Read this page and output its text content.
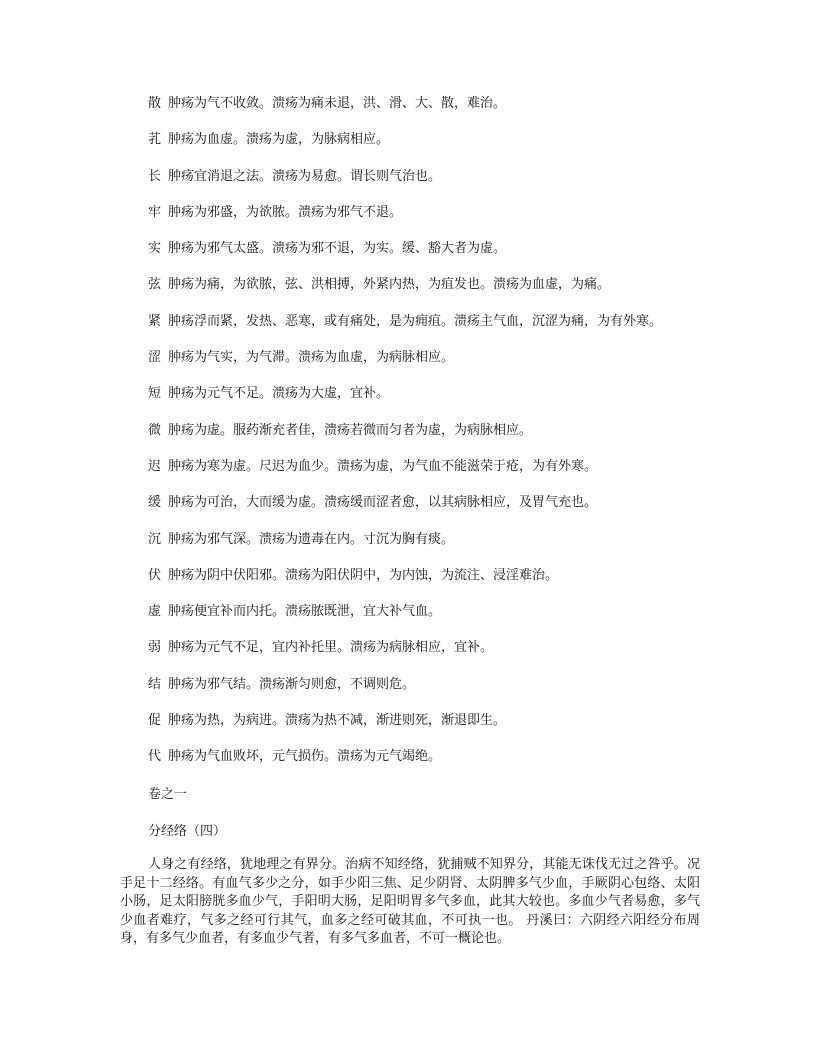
散 肿疡为气不收敛。溃疡为痛未退，洪、滑、大、散，难治。
芤 肿疡为血虚。溃疡为虚，为脉病相应。
长 肿疡宜消退之法。溃疡为易愈。谓长则气治也。
牢 肿疡为邪盛，为欲脓。溃疡为邪气不退。
实 肿疡为邪气太盛。溃疡为邪不退，为实。缓、豁大者为虚。
弦 肿疡为痛，为欲脓，弦、洪相搏，外紧内热，为疽发也。溃疡为血虚，为痛。
紧 肿疡浮而紧，发热、恶寒，或有痛处，是为痈疽。溃疡主气血，沉涩为痛，为有外寒。
涩 肿疡为气实，为气滞。溃疡为血虚，为病脉相应。
短 肿疡为元气不足。溃疡为大虚，宜补。
微 肿疡为虚。服药渐充者佳，溃疡若微而匀者为虚，为病脉相应。
迟 肿疡为寒为虚。尺迟为血少。溃疡为虚，为气血不能滋荣于疮，为有外寒。
缓 肿疡为可治，大而缓为虚。溃疡缓而涩者愈，以其病脉相应，及胃气充也。
沉 肿疡为邪气深。溃疡为遗毒在内。寸沉为胸有痰。
伏 肿疡为阴中伏阳邪。溃疡为阳伏阴中，为内蚀，为流注、浸淫难治。
虚 肿疡便宜补而内托。溃疡脓既泄，宜大补气血。
弱 肿疡为元气不足，宜内补托里。溃疡为病脉相应，宜补。
结 肿疡为邪气结。溃疡渐匀则愈，不调则危。
促 肿疡为热，为病进。溃疡为热不减，渐进则死，渐退即生。
代 肿疡为气血败坏，元气损伤。溃疡为元气竭绝。
卷之一
分经络（四）
人身之有经络，犹地理之有界分。治病不知经络，犹捕贼不知界分，其能无诛伐无过之咎乎。况手足十二经络。有血气多少之分，如手少阳三焦、足少阴肾、太阴脾多气少血，手厥阴心包络、太阳小肠，足太阳膀胱多血少气，手阳明大肠，足阳明胃多气多血，此其大较也。多血少气者易愈，多气少血者难疗，气多之经可行其气，血多之经可破其血，不可执一也。 丹溪曰：六阴经六阳经分布周身，有多气少血者，有多血少气者，有多气多血者，不可一概论也。
